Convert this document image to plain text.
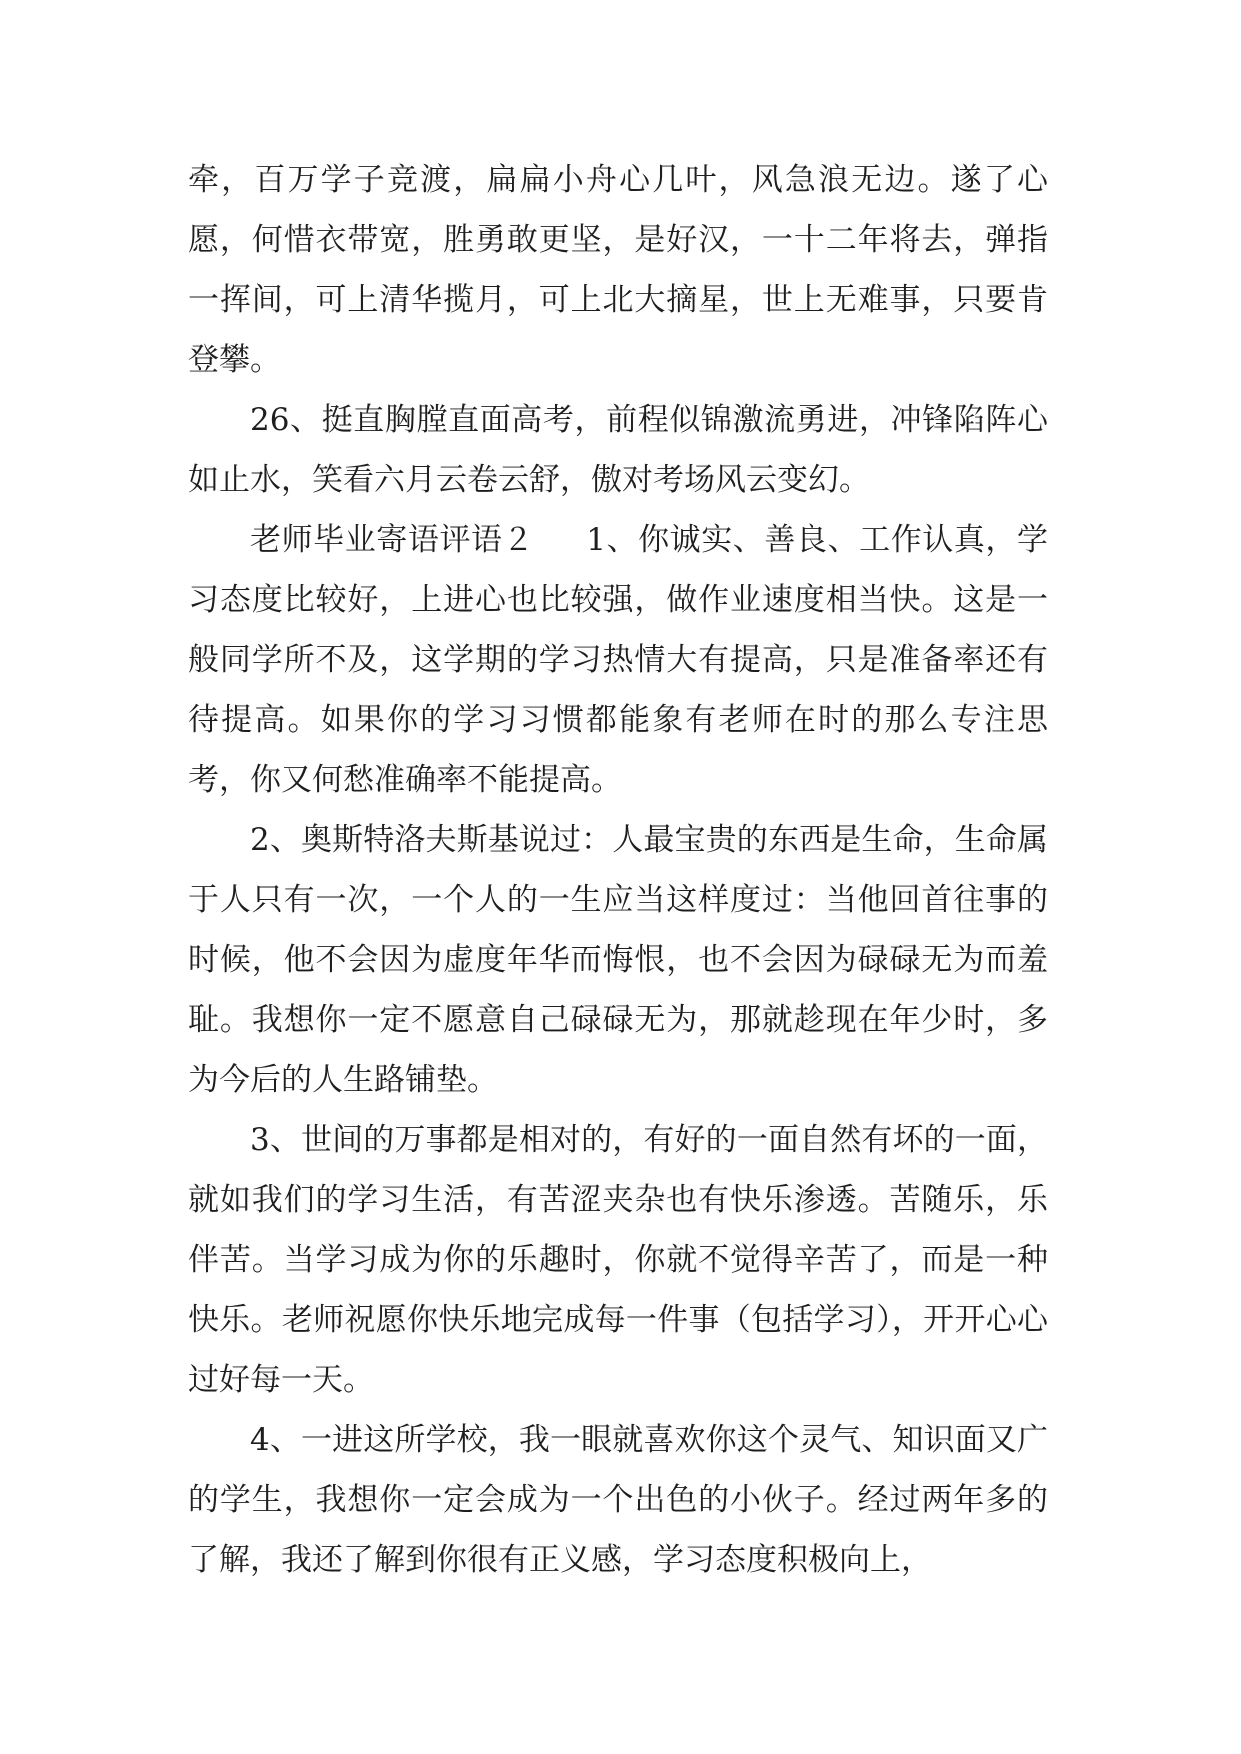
牵，百万学子竞渡，扁扁小舟心几叶，风急浪无边。遂了心愿，何惜衣带宽，胜勇敢更坚，是好汉，一十二年将去，弹指一挥间，可上清华揽月，可上北大摘星，世上无难事，只要肯登攀。

26、挺直胸膛直面高考，前程似锦激流勇进，冲锋陷阵心如止水，笑看六月云卷云舒，傲对考场风云变幻。

老师毕业寄语评语２ 1、你诚实、善良、工作认真，学习态度比较好，上进心也比较强，做作业速度相当快。这是一般同学所不及，这学期的学习热情大有提高，只是准备率还有待提高。如果你的学习习惯都能象有老师在时的那么专注思考，你又何愁准确率不能提高。

2、奥斯特洛夫斯基说过：人最宝贵的东西是生命，生命属于人只有一次，一个人的一生应当这样度过：当他回首往事的时候，他不会因为虚度年华而悔恨，也不会因为碌碌无为而羞耻。我想你一定不愿意自己碌碌无为，那就趁现在年少时，多为今后的人生路铺垫。

3、世间的万事都是相对的，有好的一面自然有坏的一面，就如我们的学习生活，有苦涩夹杂也有快乐渗透。苦随乐，乐伴苦。当学习成为你的乐趣时，你就不觉得辛苦了，而是一种快乐。老师祝愿你快乐地完成每一件事（包括学习），开开心心过好每一天。

4、一进这所学校，我一眼就喜欢你这个灵气、知识面又广的学生，我想你一定会成为一个出色的小伙子。经过两年多的了解，我还了解到你很有正义感，学习态度积极向上，
